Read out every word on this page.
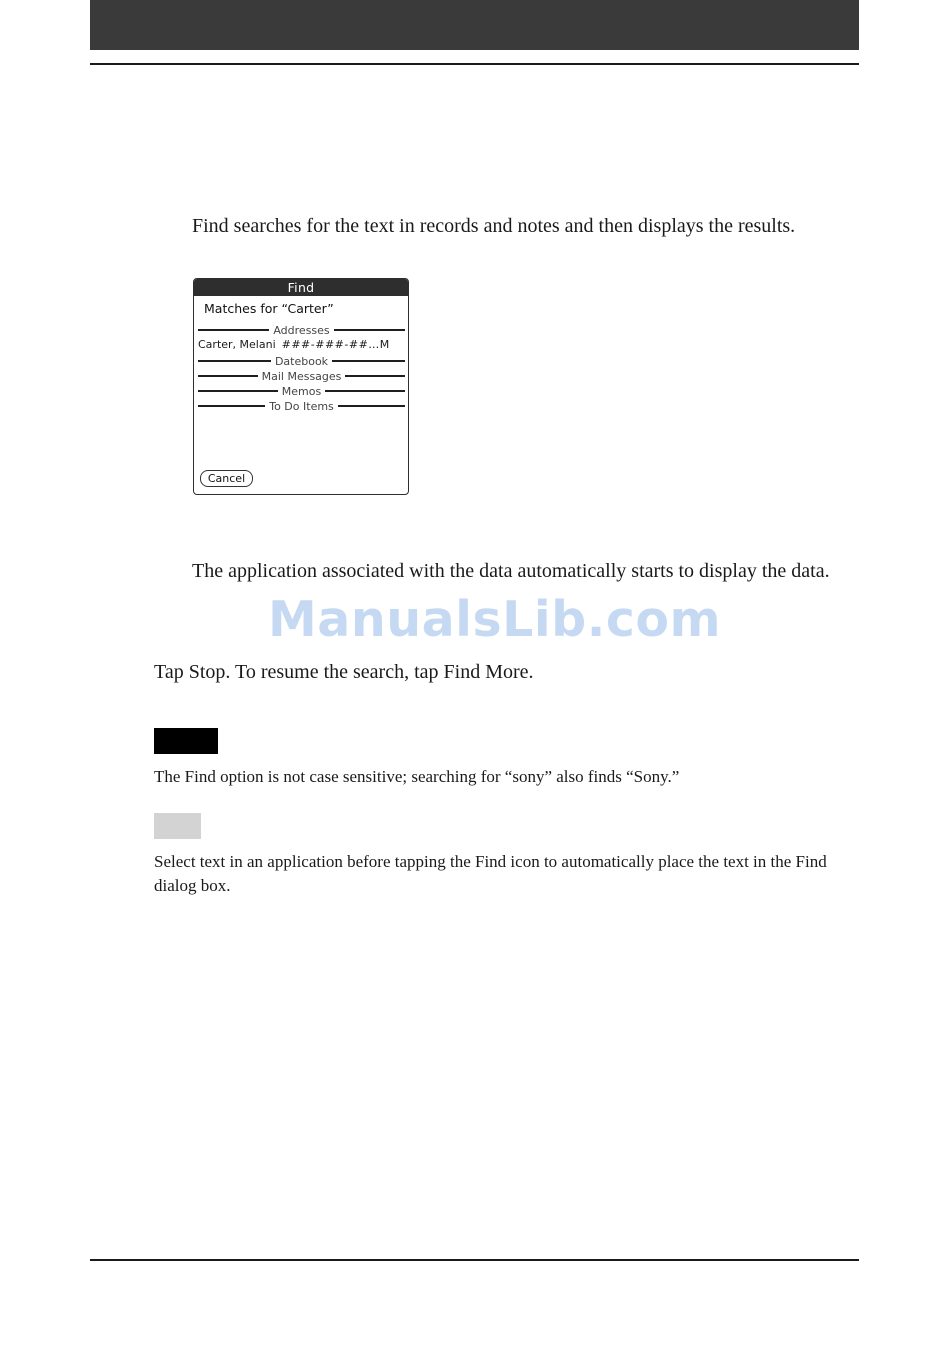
Find searches for the text in records and notes and then displays the results.

Find
Matches for “Carter”
Addresses
Carter, Melani ###-###-##…M
Datebook
Mail Messages
Memos
To Do Items
Cancel

The application associated with the data automatically starts to display the data.

ManualsLib.com

Tap Stop. To resume the search, tap Find More.

The Find option is not case sensitive; searching for “sony” also finds “Sony.”

Select text in an application before tapping the Find icon to automatically place the text in the Find dialog box.
